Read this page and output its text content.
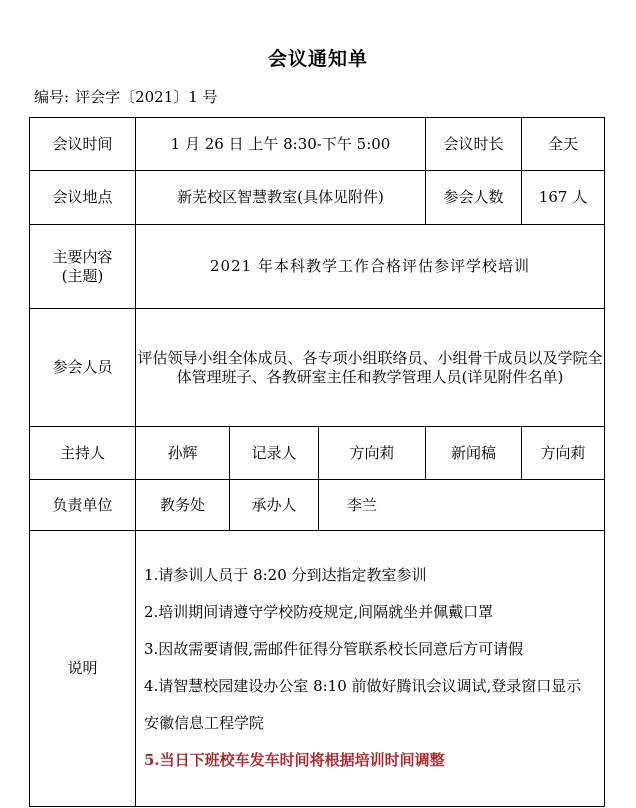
会议通知单
编号: 评会字〔2021〕1 号
会议时间	1 月 26 日 上午 8:30-下午 5:00			会议时长	全天
会议地点	新芜校区智慧教室(具体见附件)			参会人数	167 人

主要内容
(主题)	2021 年本科教学工作合格评估参评学校培训				
参会人员	评估领导小组全体成员、各专项小组联络员、小组骨干成员以及学院全体管理班子、各教研室主任和教学管理人员(详见附件名单)				
主持人	孙辉	记录人	方向莉	新闻稿	方向莉
负责单位	教务处	承办人	李兰		
说明	1.请参训人员于 8:20 分到达指定教室参训
2.培训期间请遵守学校防疫规定,间隔就坐并佩戴口罩
3.因故需要请假,需邮件征得分管联系校长同意后方可请假
4.请智慧校园建设办公室 8:10 前做好腾讯会议调试,登录窗口显示安徽信息工程学院
5.当日下班校车发车时间将根据培训时间调整				
